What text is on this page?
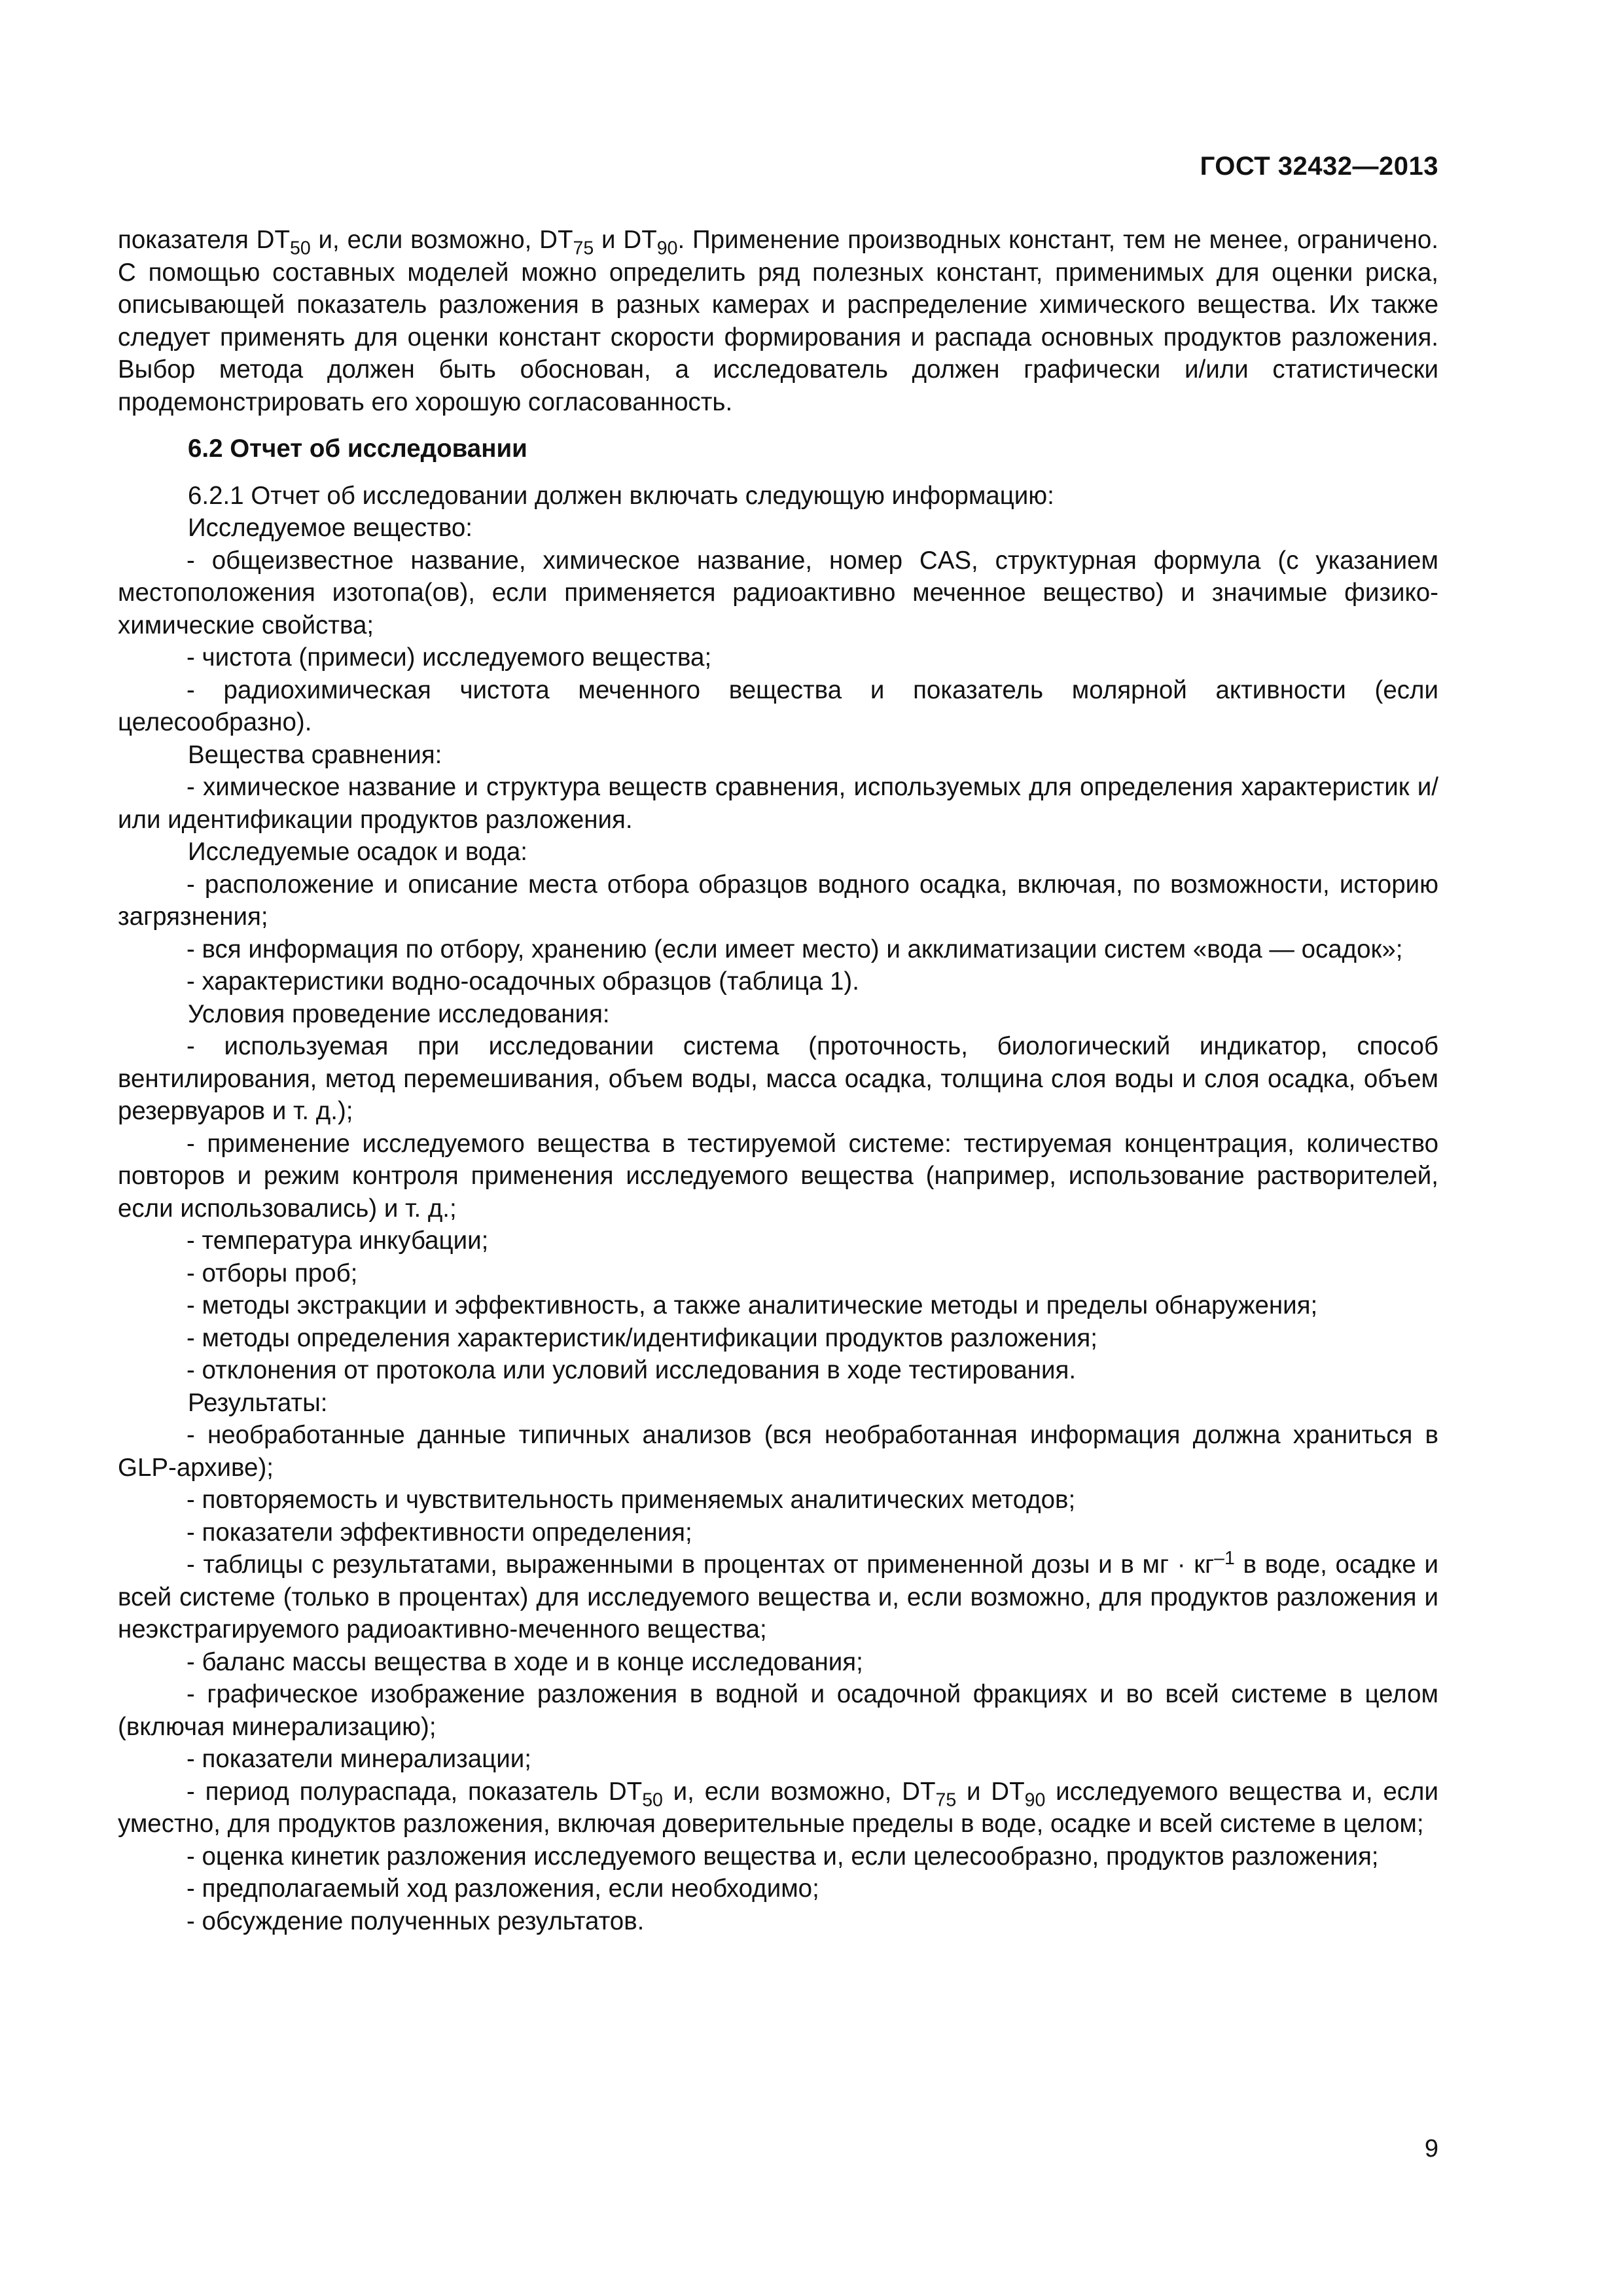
ГОСТ 32432—2013

показателя $DT_{50}$ и, если возможно, $DT_{75}$ и $DT_{90}$. Применение производных констант, тем не менее, ограничено. С помощью составных моделей можно определить ряд полезных констант, применимых для оценки риска, описывающей показатель разложения в разных камерах и распределение химического вещества. Их также следует применять для оценки констант скорости формирования и распада основных продуктов разложения. Выбор метода должен быть обоснован, а исследователь должен графически и/или статистически продемонстрировать его хорошую согласованность.

6.2 Отчет об исследовании

6.2.1 Отчет об исследовании должен включать следующую информацию:

Исследуемое вещество:

- общеизвестное название, химическое название, номер CAS, структурная формула (с указанием местоположения изотопа(ов), если применяется радиоактивно меченное вещество) и значимые физико-химические свойства;

- чистота (примеси) исследуемого вещества;

- радиохимическая чистота меченного вещества и показатель молярной активности (если целесообразно).

Вещества сравнения:

- химическое название и структура веществ сравнения, используемых для определения характеристик и/или идентификации продуктов разложения.

Исследуемые осадок и вода:

- расположение и описание места отбора образцов водного осадка, включая, по возможности, историю загрязнения;

- вся информация по отбору, хранению (если имеет место) и акклиматизации систем «вода — осадок»;

- характеристики водно-осадочных образцов (таблица 1).

Условия проведение исследования:

- используемая при исследовании система (проточность, биологический индикатор, способ вентилирования, метод перемешивания, объем воды, масса осадка, толщина слоя воды и слоя осадка, объем резервуаров и т. д.);

- применение исследуемого вещества в тестируемой системе: тестируемая концентрация, количество повторов и режим контроля применения исследуемого вещества (например, использование растворителей, если использовались) и т. д.;

- температура инкубации;

- отборы проб;

- методы экстракции и эффективность, а также аналитические методы и пределы обнаружения;

- методы определения характеристик/идентификации продуктов разложения;

- отклонения от протокола или условий исследования в ходе тестирования.

Результаты:

- необработанные данные типичных анализов (вся необработанная информация должна храниться в GLP-архиве);

- повторяемость и чувствительность применяемых аналитических методов;

- показатели эффективности определения;

- таблицы с результатами, выраженными в процентах от примененной дозы и в мг · $кг^{-1}$ в воде, осадке и всей системе (только в процентах) для исследуемого вещества и, если возможно, для продуктов разложения и неэкстрагируемого радиоактивно-меченного вещества;

- баланс массы вещества в ходе и в конце исследования;

- графическое изображение разложения в водной и осадочной фракциях и во всей системе в целом (включая минерализацию);

- показатели минерализации;

- период полураспада, показатель $DT_{50}$ и, если возможно, $DT_{75}$ и $DT_{90}$ исследуемого вещества и, если уместно, для продуктов разложения, включая доверительные пределы в воде, осадке и всей системе в целом;

- оценка кинетик разложения исследуемого вещества и, если целесообразно, продуктов разложения;

- предполагаемый ход разложения, если необходимо;

- обсуждение полученных результатов.

9
